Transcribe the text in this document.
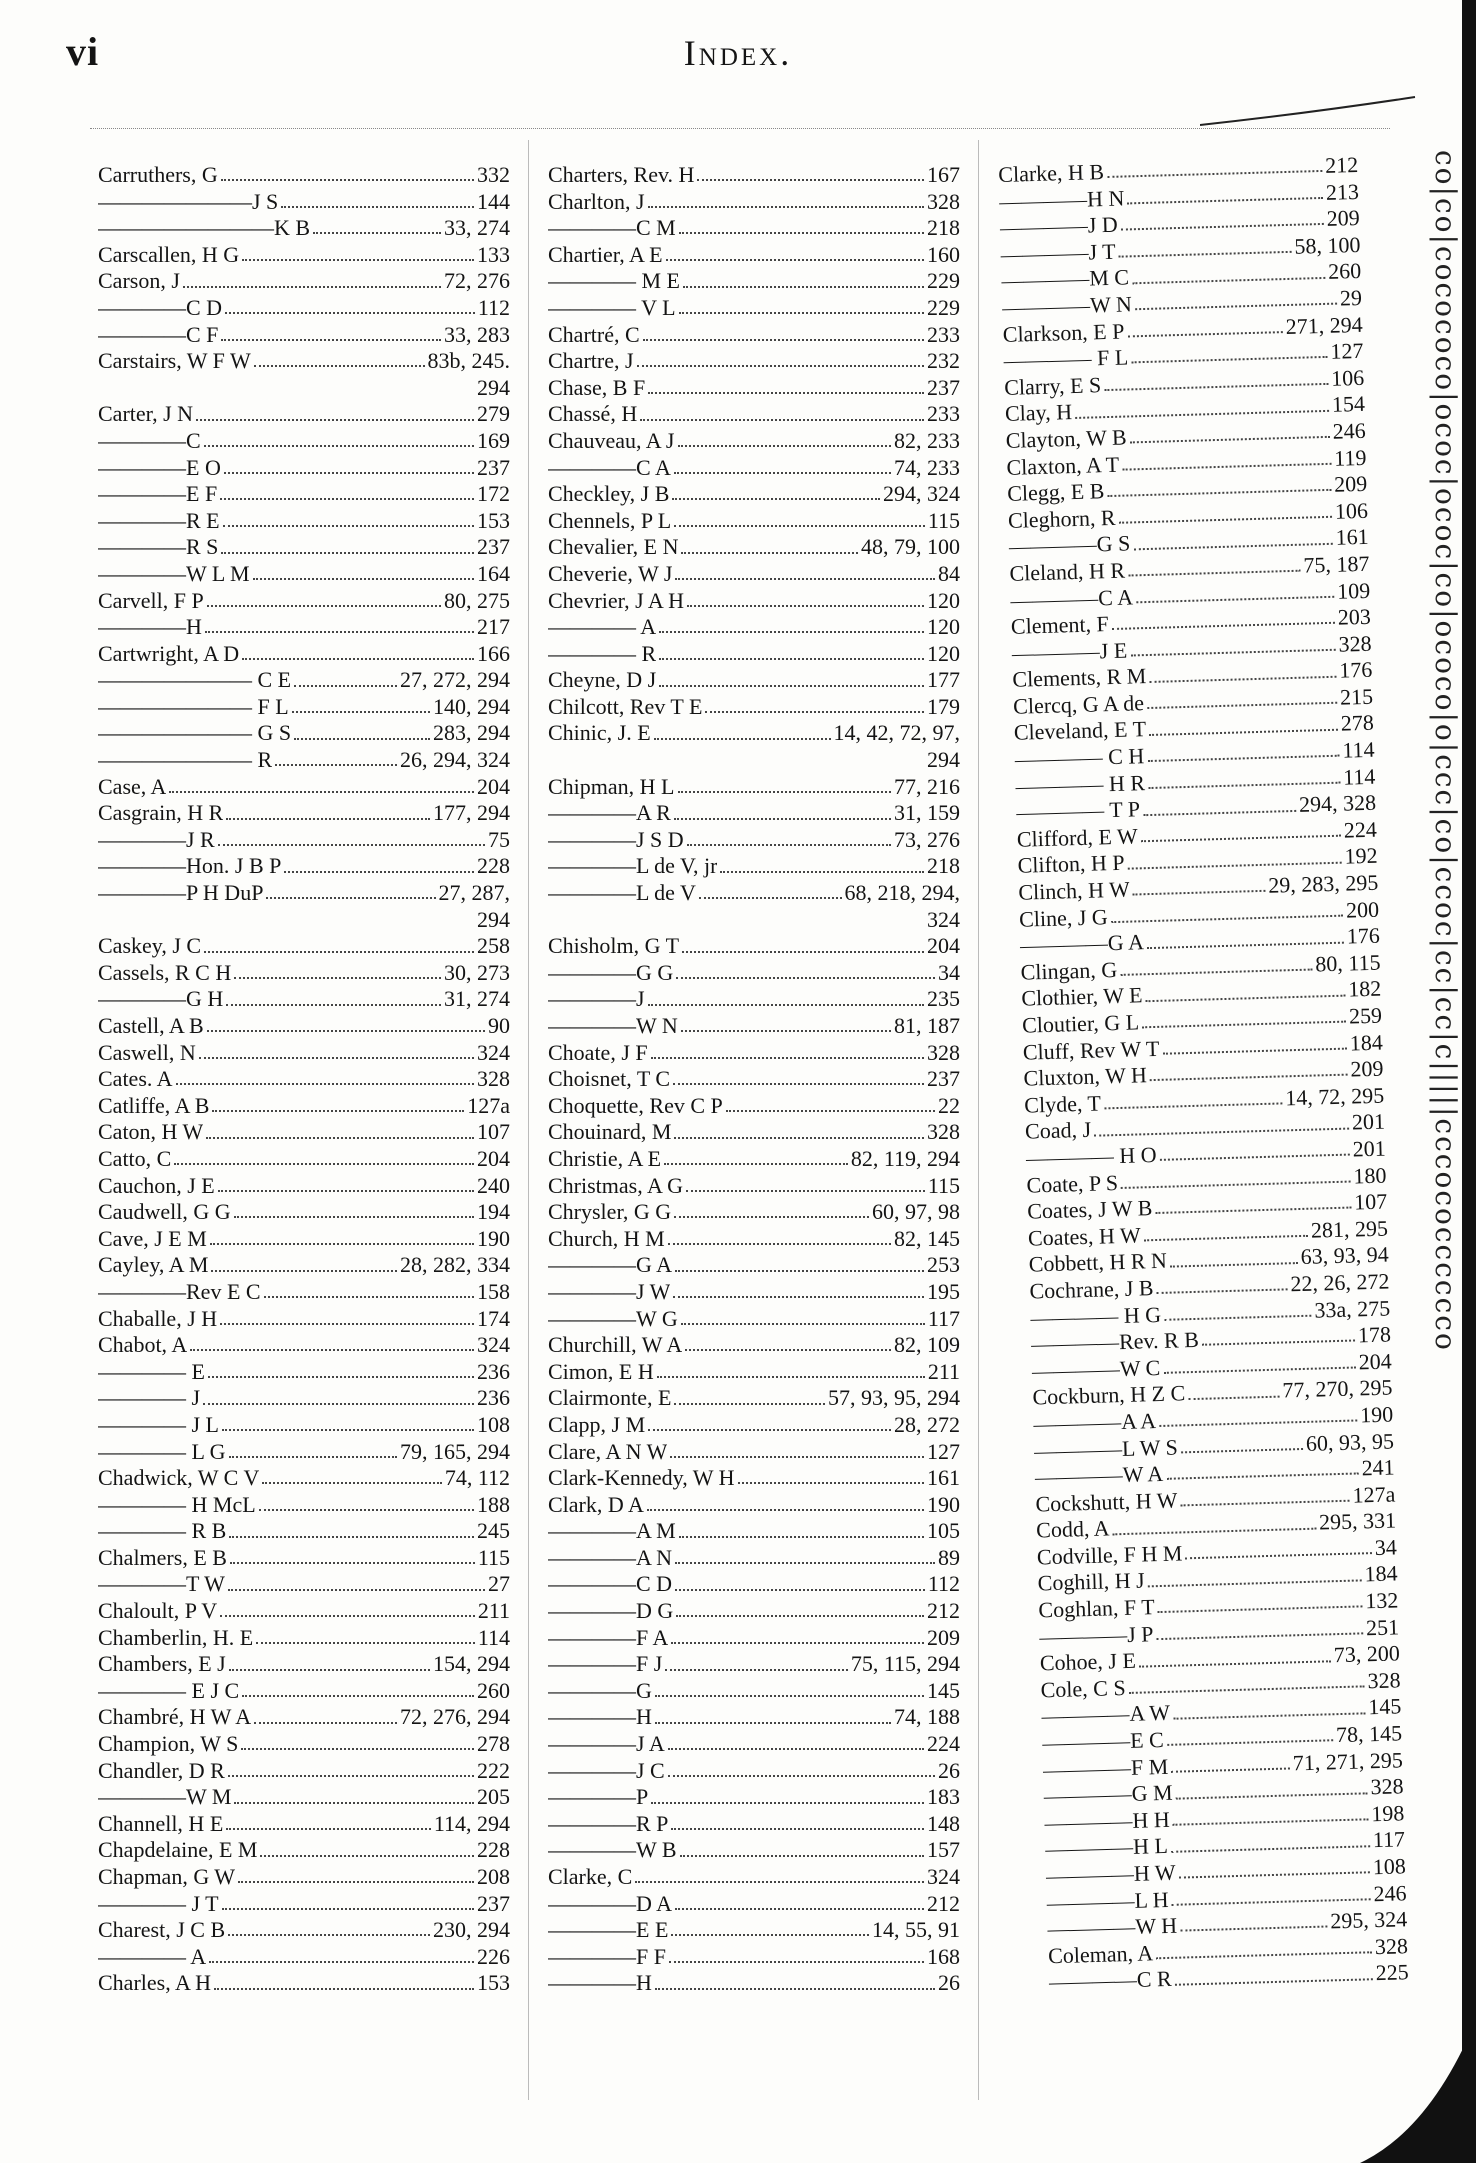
vi	Index.
Carruthers, G	332
———————J S	144
————————K B	33, 274
Carscallen, H G	133
Carson, J	72, 276
————C D	112
————C F	33, 283
Carstairs, W F W	83b, 245.
294
Carter, J N	279
————C	169
————E O	237
————E F	172
————R E	153
————R S	237
————W L M	164
Carvell, F P	80, 275
————H	217
Cartwright, A D	166
——————— C E	27, 272, 294
——————— F L	140, 294
——————— G S	283, 294
——————— R	26, 294, 324
Case, A	204
Casgrain, H R	177, 294
————J R	75
————Hon. J B P	228
————P H DuP	27, 287,
294
Caskey, J C	258
Cassels, R C H	30, 273
————G H	31, 274
Castell, A B	90
Caswell, N	324
Cates. A	328
Catliffe, A B	127a
Caton, H W	107
Catto, C	204
Cauchon, J E	240
Caudwell, G G	194
Cave, J E M	190
Cayley, A M	28, 282, 334
————Rev E C	158
Chaballe, J H	174
Chabot, A	324
———— E	236
———— J	236
———— J L	108
———— L G	79, 165, 294
Chadwick, W C V	74, 112
———— H McL	188
———— R B	245
Chalmers, E B	115
————T W	27
Chaloult, P V	211
Chamberlin, H. E	114
Chambers, E J	154, 294
———— E J C	260
Chambré, H W A	72, 276, 294
Champion, W S	278
Chandler, D R	222
————W M	205
Channell, H E	114, 294
Chapdelaine, E M	228
Chapman, G W	208
———— J T	237
Charest, J C B	230, 294
———— A	226
Charles, A H	153
Charters, Rev. H	167
Charlton, J	328
————C M	218
Chartier, A E	160
———— M E	229
———— V L	229
Chartré, C	233
Chartre, J	232
Chase, B F	237
Chassé, H	233
Chauveau, A J	82, 233
————C A	74, 233
Checkley, J B	294, 324
Chennels, P L	115
Chevalier, E N	48, 79, 100
Cheverie, W J	84
Chevrier, J A H	120
———— A	120
———— R	120
Cheyne, D J	177
Chilcott, Rev T E	179
Chinic, J. E	14, 42, 72, 97,
294
Chipman, H L	77, 216
————A R	31, 159
————J S D	73, 276
————L de V, jr	218
————L de V	68, 218, 294,
324
Chisholm, G T	204
————G G	34
————J	235
————W N	81, 187
Choate, J F	328
Choisnet, T C	237
Choquette, Rev C P	22
Chouinard, M	328
Christie, A E	82, 119, 294
Christmas, A G	115
Chrysler, G G	60, 97, 98
Church, H M	82, 145
————G A	253
————J W	195
————W G	117
Churchill, W A	82, 109
Cimon, E H	211
Clairmonte, E	57, 93, 95, 294
Clapp, J M	28, 272
Clare, A N W	127
Clark-Kennedy, W H	161
Clark, D A	190
————A M	105
————A N	89
————C D	112
————D G	212
————F A	209
————F J	75, 115, 294
————G	145
————H	74, 188
————J A	224
————J C	26
————P	183
————R P	148
————W B	157
Clarke, C	324
————D A	212
————E E	14, 55, 91
————F F	168
————H	26
Clarke, H B	212
————H N	213
————J D	209
————J T	58, 100
————M C	260
————W N	29
Clarkson, E P	271, 294
———— F L	127
Clarry, E S	106
Clay, H	154
Clayton, W B	246
Claxton, A T	119
Clegg, E B	209
Cleghorn, R	106
————G S	161
Cleland, H R	75, 187
————C A	109
Clement, F	203
————J E	328
Clements, R M	176
Clercq, G A de	215
Cleveland, E T	278
———— C H	114
———— H R	114
———— T P	294, 328
Clifford, E W	224
Clifton, H P	192
Clinch, H W	29, 283, 295
Cline, J G	200
————G A	176
Clingan, G	80, 115
Clothier, W E	182
Cloutier, G L	259
Cluff, Rev W T	184
Cluxton, W H	209
Clyde, T	14, 72, 295
Coad, J	201
———— H O	201
Coate, P S	180
Coates, J W B	107
Coates, H W	281, 295
Cobbett, H R N	63, 93, 94
Cochrane, J B	22, 26, 272
———— H G	33a, 275
————Rev. R B	178
————W C	204
Cockburn, H Z C	77, 270, 295
————A A	190
————L W S	60, 93, 95
————W A	241
Cockshutt, H W	127a
Codd, A	295, 331
Codville, F H M	34
Coghill, H J	184
Coghlan, F T	132
————J P	251
Cohoe, J E	73, 200
Cole, C S	328
————A W	145
————E C	78, 145
————F M	71, 271, 295
————G M	328
————H H	198
————H L	117
————H W	108
————L H	246
————W H	295, 324
Coleman, A	328
————C R	225
co|co|cocococo|ococ|ococ|co|ococo|o|ccc|co|ccoc|cc|cc|c|||||cccococccccco
